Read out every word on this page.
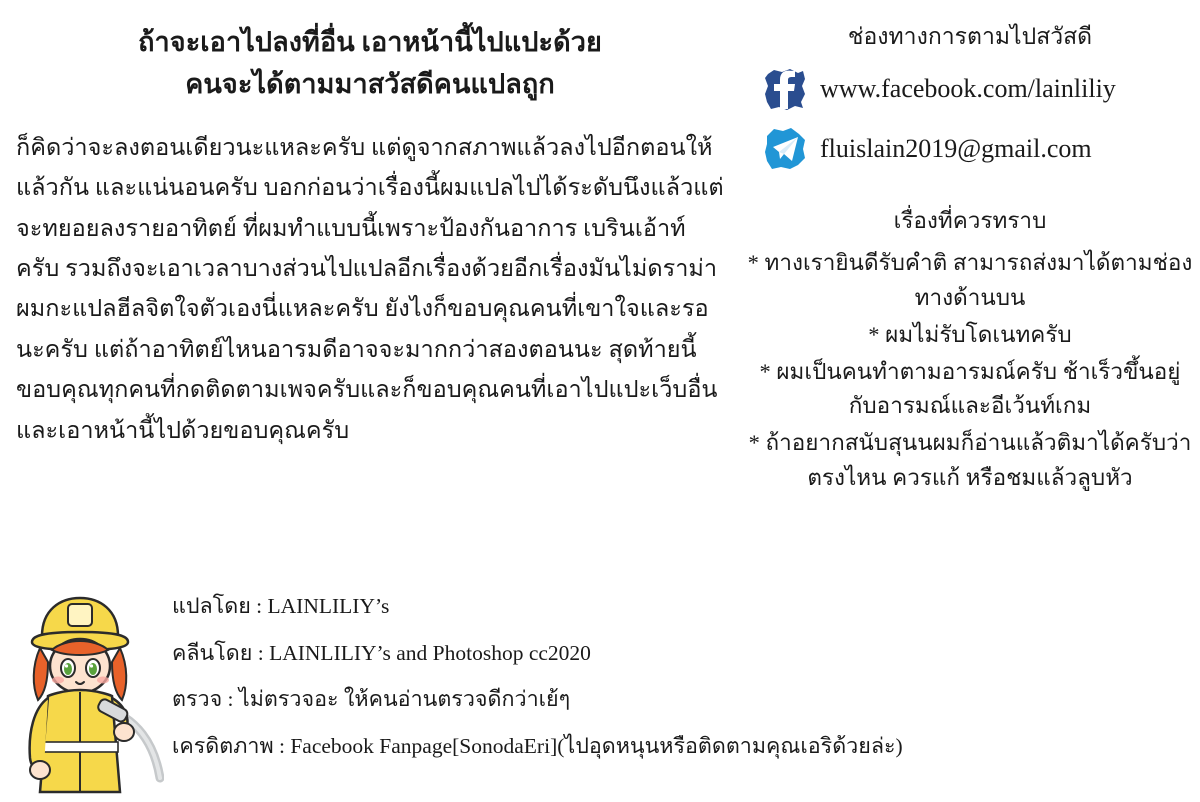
ถ้าจะเอาไปลงที่อื่น เอาหน้านี้ไปแปะด้วย
คนจะได้ตามมาสวัสดีคนแปลถูก

ก็คิดว่าจะลงตอนเดียวนะแหละครับ แต่ดูจากสภาพแล้วลงไปอีกตอนให้แล้วกัน และแน่นอนครับ บอกก่อนว่าเรื่องนี้ผมแปลไปได้ระดับนึงแล้วแต่จะทยอยลงรายอาทิตย์ ที่ผมทำแบบนี้เพราะป้องกันอาการ เบรินเอ้าท์ครับ รวมถึงจะเอาเวลาบางส่วนไปแปลอีกเรื่องด้วยอีกเรื่องมันไม่ดราม่าผมกะแปลฮีลจิตใจตัวเองนี่แหละครับ ยังไงก็ขอบคุณคนที่เขาใจและรอนะครับ แต่ถ้าอาทิตย์ไหนอารมดีอาจจะมากกว่าสองตอนนะ สุดท้ายนี้ขอบคุณทุกคนที่กดติดตามเพจครับและก็ขอบคุณคนที่เอาไปแปะเว็บอื่นและเอาหน้านี้ไปด้วยขอบคุณครับ

แปลโดย : LAINLILIY’s
คลีนโดย : LAINLILIY’s and Photoshop cc2020
ตรวจ : ไม่ตรวจอะ ให้คนอ่านตรวจดีกว่าเย้ๆ
เครดิตภาพ : Facebook Fanpage[SonodaEri](ไปอุดหนุนหรือติดตามคุณเอริด้วยล่ะ)
ช่องทางการตามไปสวัสดี
www.facebook.com/lainliliy
fluislain2019@gmail.com
เรื่องที่ควรทราบ
* ทางเรายินดีรับคำติ สามารถส่งมาได้ตามช่องทางด้านบน
* ผมไม่รับโดเนทครับ
* ผมเป็นคนทำตามอารมณ์ครับ ช้าเร็วขึ้นอยู่กับอารมณ์และอีเว้นท์เกม
* ถ้าอยากสนับสุนนผมก็อ่านแล้วติมาได้ครับว่าตรงไหน ควรแก้ หรือชมแล้วลูบหัว
